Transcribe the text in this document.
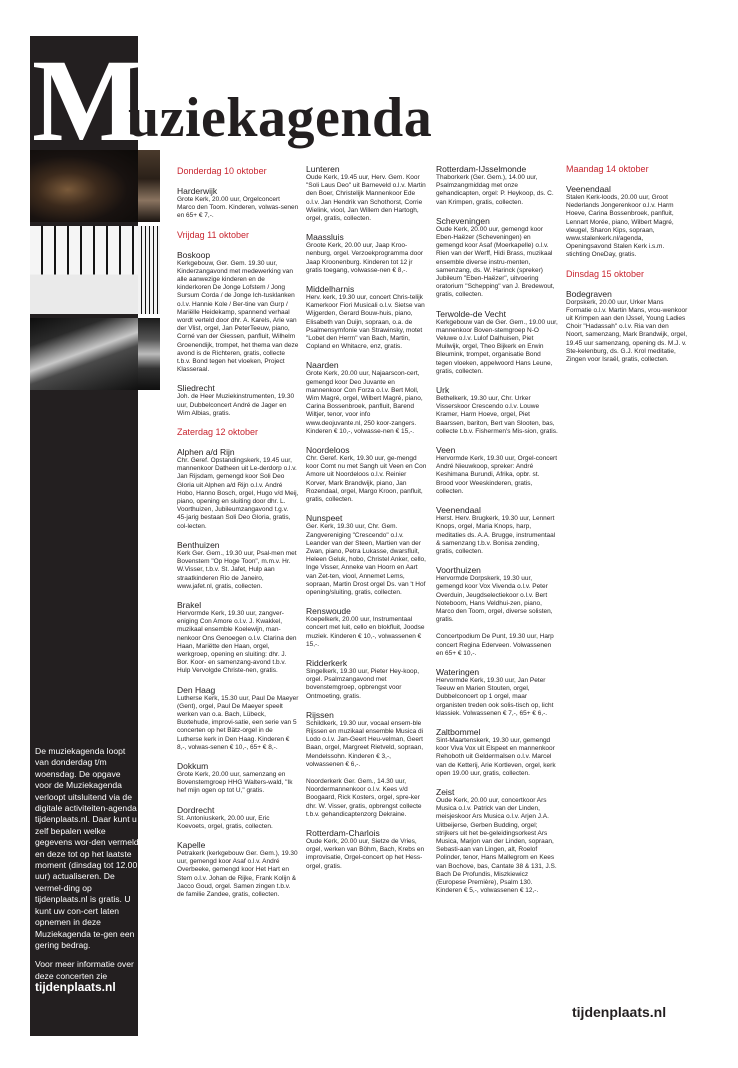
M
uziekagenda

De muziekagenda loopt van donderdag t/m woensdag. De opgave voor de Muziekagenda verloopt uitsluitend via de digitale activiteiten-agenda tijdenplaats.nl. Daar kunt u zelf bepalen welke gegevens wor-den vermeld en deze tot op het laatste moment (dinsdag tot 12.00 uur) actualiseren. De vermel-ding op tijdenplaats.nl is gratis. U kunt uw con-cert laten opnemen in deze Muziekagenda te-gen een gering bedrag.

Voor meer informatie over deze concerten zie

tijdenplaats.nl
Donderdag 10 oktober
Harderwijk
Grote Kerk, 20.00 uur, Orgelconcert Marco den Toom. Kinderen, volwas-senen en 65+ € 7,-.
Vrijdag 11 oktober
Boskoop
Kerkgebouw, Ger. Gem. 19.30 uur, Kinderzangavond met medewerking van alle aanwezige kinderen en de kinderkoren De Jonge Lofstem / Jong Sursum Corda / de Jonge Ich-tusklanken o.l.v. Hannie Kole / Ber-tine van Gurp / Mariëlle Heidekamp, spannend verhaal wordt verteld door dhr. A. Karels, Arie van der Vlist, orgel, Jan PeterTeeuw, piano, Corné van der Giessen, panfluit, Wilhelm Groenendijk, trompet, het thema van deze avond is de Richteren, gratis, collecte t.b.v. Bond tegen het vloeken, Project Klasseraal.
Sliedrecht
Joh. de Heer Muziekinstrumenten, 19.30 uur, Dubbelconcert André de Jager en Wim Albias, gratis.
Zaterdag 12 oktober
Alphen a/d Rijn
Chr. Geref. Opstandingskerk, 19.45 uur, mannenkoor Datheen uit Le-derdorp o.l.v. Jan Rijsdam, gemengd koor Soli Deo Gloria uit Alphen a/d Rijn o.l.v. André Hobo, Hanno Bosch, orgel, Hugo v/d Meij, piano, opening en sluiting door dhr. L. Voorthuizen, Jubileumzangavond t.g.v. 45-jarig bestaan Soli Deo Gloria, gratis, col-lecten.
Benthuizen
Kerk Ger. Gem., 19.30 uur, Psal-men met Bovenstem "Op Hoge Toon", m.m.v. Hr. W.Visser, t.b.v. St. Jafet, Hulp aan straatkinderen Rio de Janeiro, www.jafet.nl, gratis, collecten.
Brakel
Hervormde Kerk, 19.30 uur, zangver-eniging Con Amore o.l.v. J. Kwakkel, muzikaal ensemble Koelewijn, man-nenkoor Ons Genoegen o.l.v. Clarina den Haan, Mariëtte den Haan, orgel, werkgroep, opening en sluiting: dhr. J. Bor. Koor- en samenzang-avond t.b.v. Hulp Vervolgde Christe-nen, gratis.
Den Haag
Lutherse Kerk, 15.30 uur, Paul De Maeyer (Gent), orgel, Paul De Maeyer speelt werken van o.a. Bach, Lübeck, Buxtehude, improvi-satie, een serie van 5 concerten op het Bätz-orgel in de Lutherse kerk in Den Haag. Kinderen € 8,-, volwas-senen € 10,-, 65+ € 8,-.
Dokkum
Grote Kerk, 20.00 uur, samenzang en Bovenstemgroep HHG Walters-wald, "Ik hef mijn ogen op tot U," gratis.
Dordrecht
St. Antoniuskerk, 20.00 uur, Eric Koevoets, orgel, gratis, collecten.
Kapelle
Petrakerk (kerkgebouw Ger. Gem.), 19.30 uur, gemengd koor Asaf o.l.v. André Overbeeke, gemengd koor Het Hart en Stem o.l.v. Johan de Rijke, Frank Kolijn & Jacco Goud, orgel. Samen zingen t.b.v. de familie Zandee, gratis, collecten.
Lunteren
Oude Kerk, 19.45 uur, Herv. Gem. Koor "Soli Laus Deo" uit Barneveld o.l.v. Martin den Boer, Christelijk Mannenkoor Ede o.l.v. Jan Hendrik van Schothorst, Corrie Wielink, viool, Jan Willem den Hartogh, orgel, gratis, collecten.
Maassluis
Groote Kerk, 20.00 uur, Jaap Kroo-nenburg, orgel. Verzoekprogramma door Jaap Kroonenburg. Kinderen tot 12 jr gratis toegang, volwasse-nen € 8,-.
Middelharnis
Herv. kerk, 19.30 uur, concert Chris-telijk Kamerkoor Fiori Musicali o.l.v. Sietse van Wijgerden, Gerard Bouw-huis, piano, Elisabeth van Duijn, sopraan, o.a. de Psalmensymfonie van Strawinsky, motet "Lobet den Herrn" van Bach, Martin, Copland en Whitacre, enz, gratis.
Naarden
Grote Kerk, 20.00 uur, Najaarscon-cert, gemengd koor Deo Juvante en mannenkoor Con Forza o.l.v. Bert Moll, Wim Magré, orgel, Wilbert Magré, piano, Carina Bossenbroek, panfluit, Barend Wiltjer, tenor, voor info www.deojuvante.nl, 250 koor-zangers. Kinderen € 10,-, volwasse-nen € 15,-.
Noordeloos
Chr. Geref. Kerk, 19.30 uur, ge-mengd koor Comt nu met Sangh uit Veen en Con Amore uit Noordeloos o.l.v. Reinier Korver, Mark Brandwijk, piano, Jan Rozendaal, orgel, Margo Kroon, panfluit, gratis, collecten.
Nunspeet
Ger. Kerk, 19.30 uur, Chr. Gem. Zangvereniging "Crescendo" o.l.v. Leander van der Steen, Martien van der Zwan, piano, Petra Lukasse, dwarsfluit, Heleen Geluk, hobo, Christel Anker, cello, Inge Visser, Anneke van Hoorn en Aart van Zet-ten, viool, Annemet Lems, sopraan, Martin Drost orgel Ds. van 't Hof opening/sluiting, gratis, collecten.
Renswoude
Koepelkerk, 20.00 uur, Instrumentaal concert met luit, cello en blokfluit, Joodse muziek. Kinderen € 10,-, volwassenen € 15,-.
Ridderkerk
Singelkerk, 19.30 uur, Pieter Hey-koop, orgel. Psalmzangavond met bovenstemgroep, opbrengst voor Ontmoeting, gratis.
Rijssen
Schildkerk, 19.30 uur, vocaal ensem-ble Rijssen en muzikaal ensemble Musica di Lodo o.l.v. Jan-Geert Heu-velman, Geert Baan, orgel, Margreet Rietveld, sopraan, Mendelssohn. Kinderen € 3,-, volwassenen € 6,-.
Noorderkerk Ger. Gem., 14.30 uur, Noordermannenkoor o.l.v. Kees v/d Boogaard, Rick Kosters, orgel, spre-ker dhr. W. Visser, gratis, opbrengst collecte t.b.v. gehandicaptenzorg Dekraine.
Rotterdam-Charlois
Oude Kerk, 20.00 uur, Sietze de Vries, orgel, werken van Böhm, Bach, Krebs en improvisatie, Orgel-concert op het Hess-orgel, gratis.
Rotterdam-IJsselmonde
Thaborkerk (Ger. Gem.), 14.00 uur, Psalmzangmiddag met onze gehandicapten, orgel: P. Heykoop, ds. C. van Krimpen, gratis, collecten.
Scheveningen
Oude Kerk, 20.00 uur, gemengd koor Eben-Haëzer (Scheveningen) en gemengd koor Asaf (Moerkapelle) o.l.v. Rien van der Werff, Hidi Brass, muzikaal ensemble diverse instru-menten, samenzang, ds. W. Harinck (spreker) Jubileum "Eben-Haëzer", uitvoering oratorium "Schepping" van J. Bredewout, gratis, collecten.
Terwolde-de Vecht
Kerkgebouw van de Ger. Gem., 19.00 uur, mannenkoor Boven-stemgroep N-O Veluwe o.l.v. Lulof Dalhuisen, Piet Muilwijk, orgel, Theo Bijkerk en Erwin Bleumink, trompet, organisatie Bond tegen vloeken, appelwoord Hans Leune, gratis, collecten.
Urk
Bethelkerk, 19.30 uur, Chr. Urker Visserskoor Crescendo o.l.v. Louwe Kramer, Harm Hoeve, orgel, Piet Baarssen, bariton, Bert van Slooten, bas, collecte t.b.v. Fishermen's Mis-sion, gratis.
Veen
Hervormde Kerk, 19.30 uur, Orgel-concert André Nieuwkoop, spreker: André Keshimana Burundi, Afrika, opbr. st. Brood voor Weeskinderen, gratis, collecten.
Veenendaal
Herst. Herv. Brugkerk, 19.30 uur, Lennert Knops, orgel, Maria Knops, harp, meditaties ds. A.A. Brugge, instrumentaal & samenzang t.b.v. Bonisa zending, gratis, collecten.
Voorthuizen
Hervormde Dorpskerk, 19.30 uur, gemengd koor Vox Vivenda o.l.v. Peter Overduin, Jeugdselectiekoor o.l.v. Bert Noteboom, Hans Veldhui-zen, piano, Marco den Toom, orgel, diverse solisten, gratis.
Concertpodium De Punt, 19.30 uur, Harp concert Regina Ederveen. Volwassenen en 65+ € 10,-.
Wateringen
Hervormde Kerk, 19.30 uur, Jan Peter Teeuw en Marien Stouten, orgel, Dubbelconcert op 1 orgel, maar organisten treden ook solis-tisch op, licht klassiek. Volwassenen € 7,-, 65+ € 6,-.
Zaltbommel
Sint-Maartenskerk, 19.30 uur, gemengd koor Viva Vox uit Elspeet en mannenkoor Rehoboth uit Geldermalsen o.l.v. Marcel van de Ketterij, Arie Kortleven, orgel, kerk open 19.00 uur, gratis, collecten.
Zeist
Oude Kerk, 20.00 uur, concertkoor Ars Musica o.l.v. Patrick van der Linden, meisjeskoor Ars Musica o.l.v. Arjen J.A. Uitbeijerse, Gerben Budding, orgel; strijkers uit het be-geleidingsorkest Ars Musica, Marjon van der Linden, sopraan, Sebasti-aan van Lingen, alt, Roelof Polinder, tenor, Hans Mallegrom en Kees van Bochove, bas, Cantate 38 & 131, J.S. Bach De Profundis, Miszkiewicz (Europese Première), Psalm 130. Kinderen € 5,-, volwassenen € 12,-.
Maandag 14 oktober
Veenendaal
Stalen Kerk-loods, 20.00 uur, Groot Nederlands Jongerenkoor o.l.v. Harm Hoeve, Carina Bossenbroek, panfluit, Lennart Morée, piano, Wilbert Magré, vleugel, Sharon Kips, sopraan, www.stalenkerk.nl/agenda, Openingsavond Stalen Kerk i.s.m. stichting OneDay, gratis.
Dinsdag 15 oktober
Bodegraven
Dorpskerk, 20.00 uur, Urker Mans Formatie o.l.v. Martin Mans, vrou-wenkoor uit Krimpen aan den IJssel, Young Ladies Choir "Hadassah" o.l.v. Ria van den Noort, samenzang, Mark Brandwijk, orgel, 19.45 uur samenzang, opening ds. M.J. v. Ste-kelenburg, ds. G.J. Krol meditatie, Zingen voor Israël, gratis, collecten.
tijdenplaats.nl
